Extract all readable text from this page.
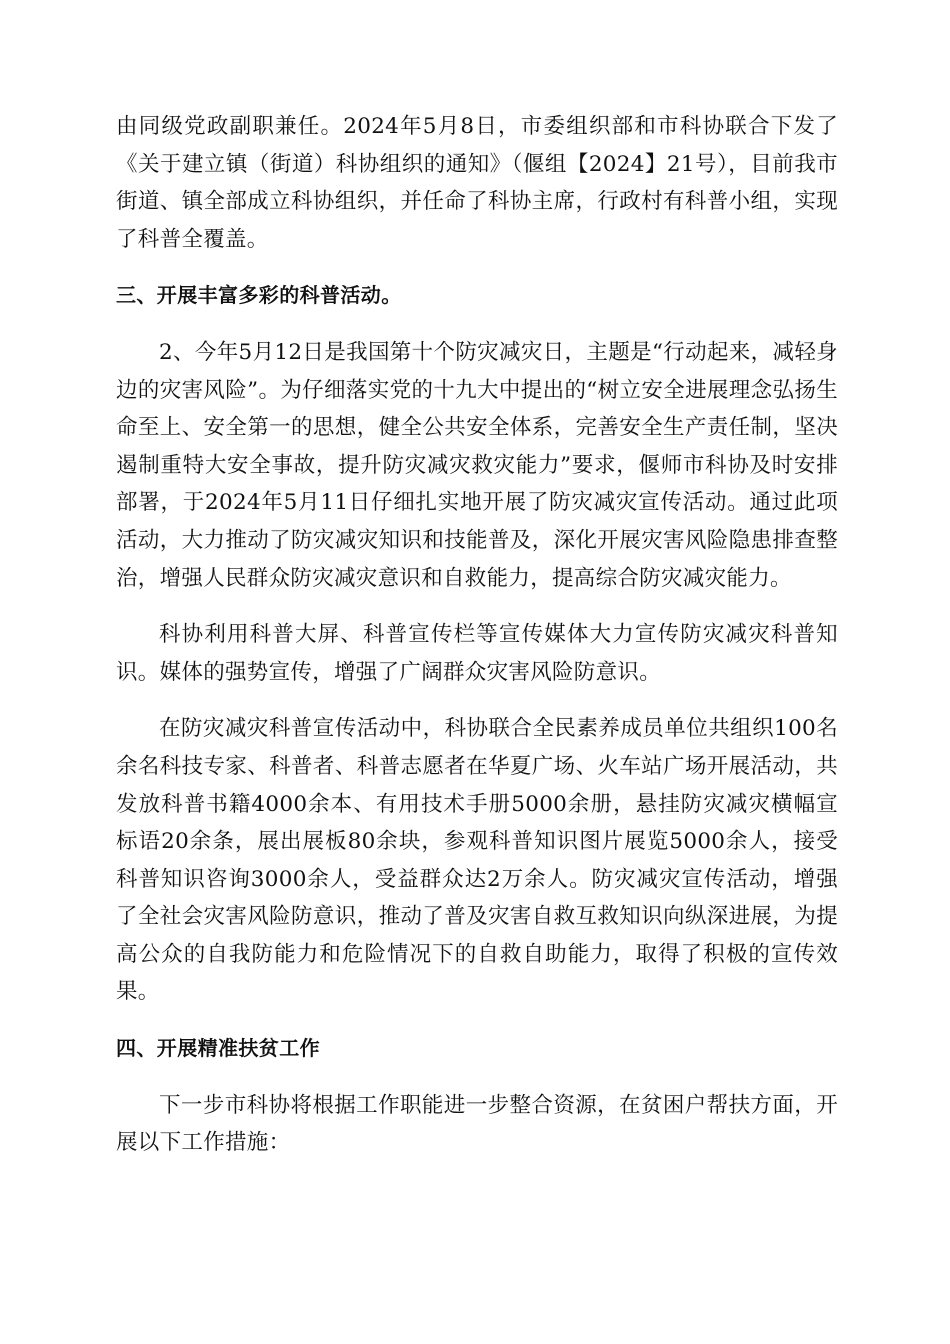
由同级党政副职兼任。2024年5月8日，市委组织部和市科协联合下发了《关于建立镇（街道）科协组织的通知》（偃组【2024】21号），目前我市街道、镇全部成立科协组织，并任命了科协主席，行政村有科普小组，实现了科普全覆盖。

三、开展丰富多彩的科普活动。

2、今年5月12日是我国第十个防灾减灾日，主题是“行动起来，减轻身边的灾害风险”。为仔细落实党的十九大中提出的“树立安全进展理念弘扬生命至上、安全第一的思想，健全公共安全体系，完善安全生产责任制，坚决遏制重特大安全事故，提升防灾减灾救灾能力”要求，偃师市科协及时安排部署，于2024年5月11日仔细扎实地开展了防灾减灾宣传活动。通过此项活动，大力推动了防灾减灾知识和技能普及，深化开展灾害风险隐患排查整治，增强人民群众防灾减灾意识和自救能力，提高综合防灾减灾能力。

科协利用科普大屏、科普宣传栏等宣传媒体大力宣传防灾减灾科普知识。媒体的强势宣传，增强了广阔群众灾害风险防意识。

在防灾减灾科普宣传活动中，科协联合全民素养成员单位共组织100名余名科技专家、科普者、科普志愿者在华夏广场、火车站广场开展活动，共发放科普书籍4000余本、有用技术手册5000余册，悬挂防灾减灾横幅宣标语20余条，展出展板80余块，参观科普知识图片展览5000余人，接受科普知识咨询3000余人，受益群众达2万余人。防灾减灾宣传活动，增强了全社会灾害风险防意识，推动了普及灾害自救互救知识向纵深进展，为提高公众的自我防能力和危险情况下的自救自助能力，取得了积极的宣传效果。

四、开展精准扶贫工作

下一步市科协将根据工作职能进一步整合资源，在贫困户帮扶方面，开展以下工作措施：
